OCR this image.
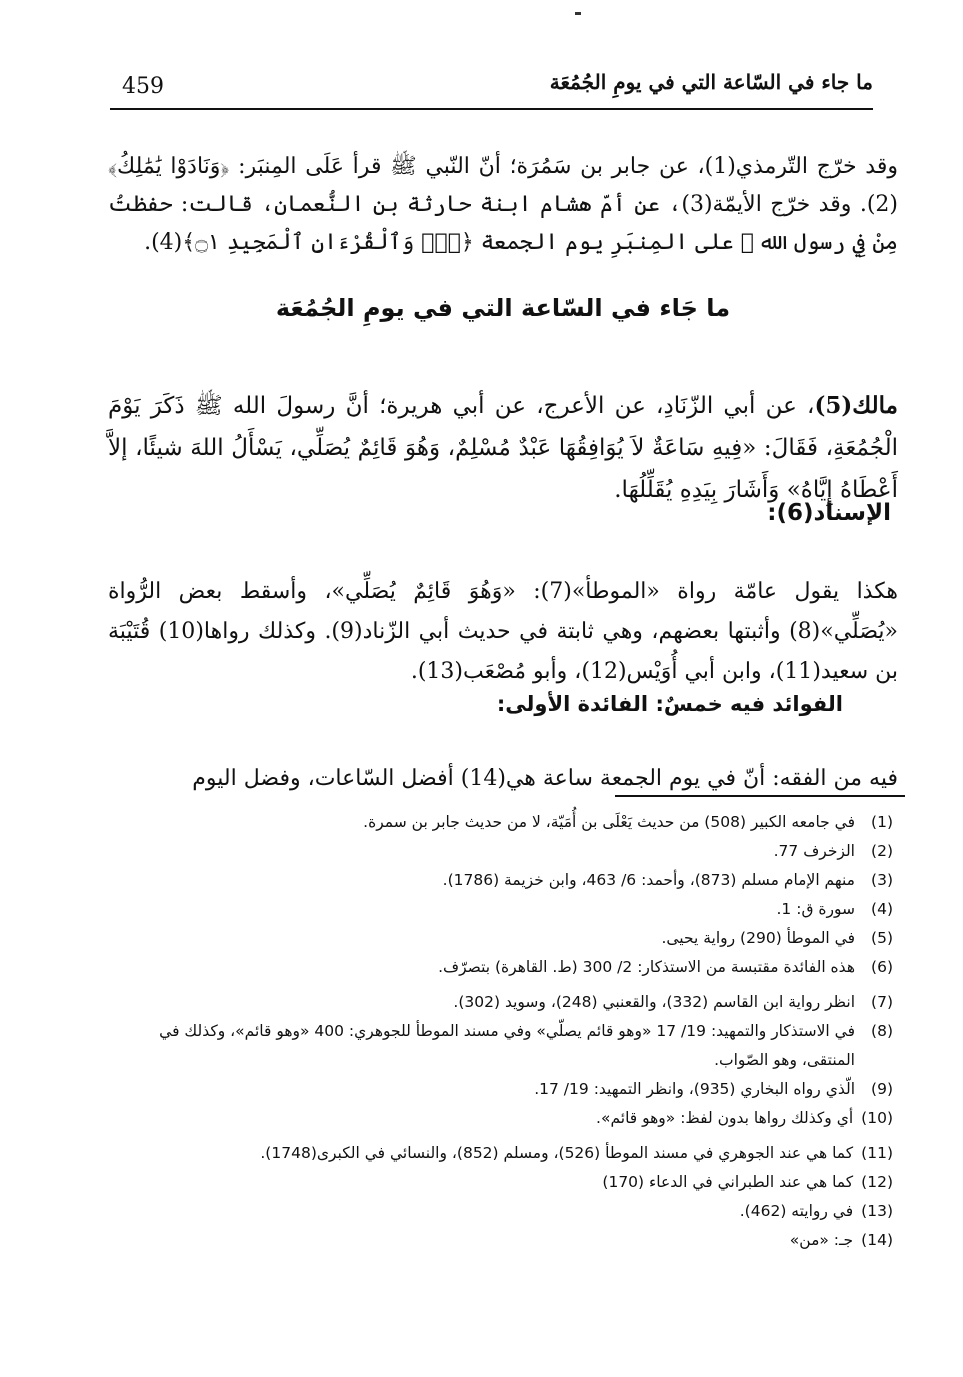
459	ما جاء في السّاعة التي في يومِ الجُمُعَة

وقد خرّج التّرمذي(1)، عن جابر بن سَمُرَة؛ أنّ النّبي ﷺ قرأ عَلَى المِنبَر: ﴿وَنَادَوْا يَٰمَٰلِكُ﴾(2). وقد خرّج الأيمّة(3)، عن أمّ هشام ابنة حارثة بن النُّعمان، قالت: حفظتُ مِنْ فِي رسول الله ﷺ على المِنبَرِ يوم الجمعة ﴿قٓۚ وَٱلْقُرْءَانِ ٱلْمَجِيدِ ۝١﴾(4).

ما جَاء في السّاعة التي في يومِ الجُمُعَة

مالك(5)، عن أبي الزّنَادِ، عن الأعرج، عن أبي هريرة؛ أنَّ رسولَ الله ﷺ ذَكَرَ يَوْمَ الْجُمُعَةِ، فَقَالَ: «فِيهِ سَاعَةٌ لاَ يُوَافِقُهَا عَبْدٌ مُسْلِمٌ، وَهُوَ قَائِمٌ يُصَلِّي، يَسْأَلُ اللهَ شيئًا، إلاَّ أَعْطَاهُ إِيَّاهُ» وَأَشَارَ بِيَدِهِ يُقَلِّلُهَا.

الإسناد(6):

هكذا يقول عامّة رواة «الموطأ»(7): «وَهُوَ قَائِمٌ يُصَلِّي»، وأسقط بعض الرُّواة «يُصَلِّي»(8) وأثبتها بعضهم، وهي ثابتة في حديث أبي الزّناد(9). وكذلك رواها(10) قُتَيْبَة بن سعيد(11)، وابن أبي أُوَيْس(12)، وأبو مُصْعَب(13).

الفوائد فيه خمسٌ: الفائدة الأولى:

فيه من الفقه: أنّ في يوم الجمعة ساعة هي(14) أفضل السّاعات، وفضل اليوم

(1)
في جامعه الكبير (508) من حديث يَعْلَى بن أُمَيّة، لا من حديث جابر بن سمرة.
(2)
الزخرف 77.
(3)
منهم الإمام مسلم (873)، وأحمد: 6/ 463، وابن خزيمة (1786).
(4)
سورة ق: 1.
(5)
في الموطأ (290) رواية يحيى.
(6)
هذه الفائدة مقتبسة من الاستذكار: 2/ 300 (ط. القاهرة) بتصرّف.
(7)
انظر رواية ابن القاسم (332)، والقعنبي (248)، وسويد (302).
(8)
في الاستذكار والتمهيد: 19/ 17 «وهو قائم يصلّي» وفي مسند الموطأ للجوهري: 400 «وهو قائم»، وكذلك في المنتقى، وهو الصّواب.
(9)
الّذي رواه البخاري (935)، وانظر التمهيد: 19/ 17.
(10)
أي وكذلك رواها بدون لفظ: «وهو قائم».
(11)
كما هي عند الجوهري في مسند الموطأ (526)، ومسلم (852)، والنسائي في الكبرى(1748).
(12)
كما هي عند الطبراني في الدعاء (170)
(13)
في روايته (462).
(14)
جـ: «من»
